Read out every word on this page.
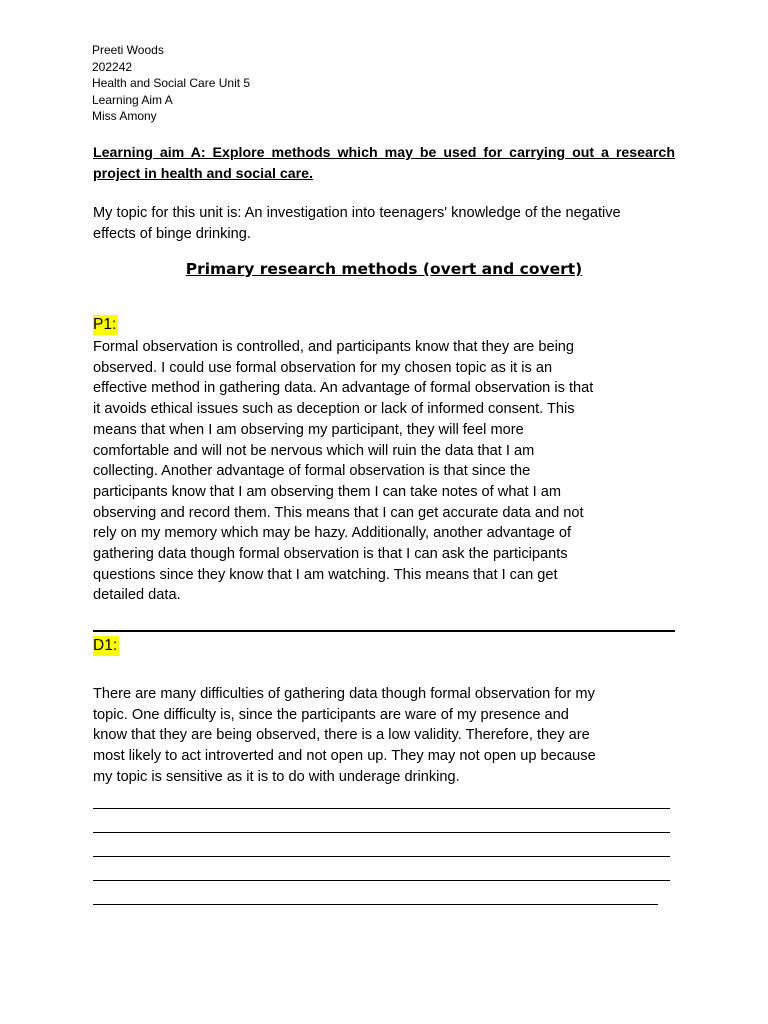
Preeti Woods
202242
Health and Social Care Unit 5
Learning Aim A
Miss Amony
Learning aim A: Explore methods which may be used for carrying out a research project in health and social care.
My topic for this unit is: An investigation into teenagers' knowledge of the negative effects of binge drinking.
Primary research methods (overt and covert)
P1:
Formal observation is controlled, and participants know that they are being
observed. I could use formal observation for my chosen topic as it is an
effective method in gathering data. An advantage of formal observation is that
it avoids ethical issues such as deception or lack of informed consent. This
means that when I am observing my participant, they will feel more
comfortable and will not be nervous which will ruin the data that I am
collecting. Another advantage of formal observation is that since the
participants know that I am observing them I can take notes of what I am
observing and record them. This means that I can get accurate data and not
rely on my memory which may be hazy. Additionally, another advantage of
gathering data though formal observation is that I can ask the participants
questions since they know that I am watching. This means that I can get
detailed data.
D1:
There are many difficulties of gathering data though formal observation for my
topic. One difficulty is, since the participants are ware of my presence and
know that they are being observed, there is a low validity. Therefore, they are
most likely to act introverted and not open up. They may not open up because
my topic is sensitive as it is to do with underage drinking.
